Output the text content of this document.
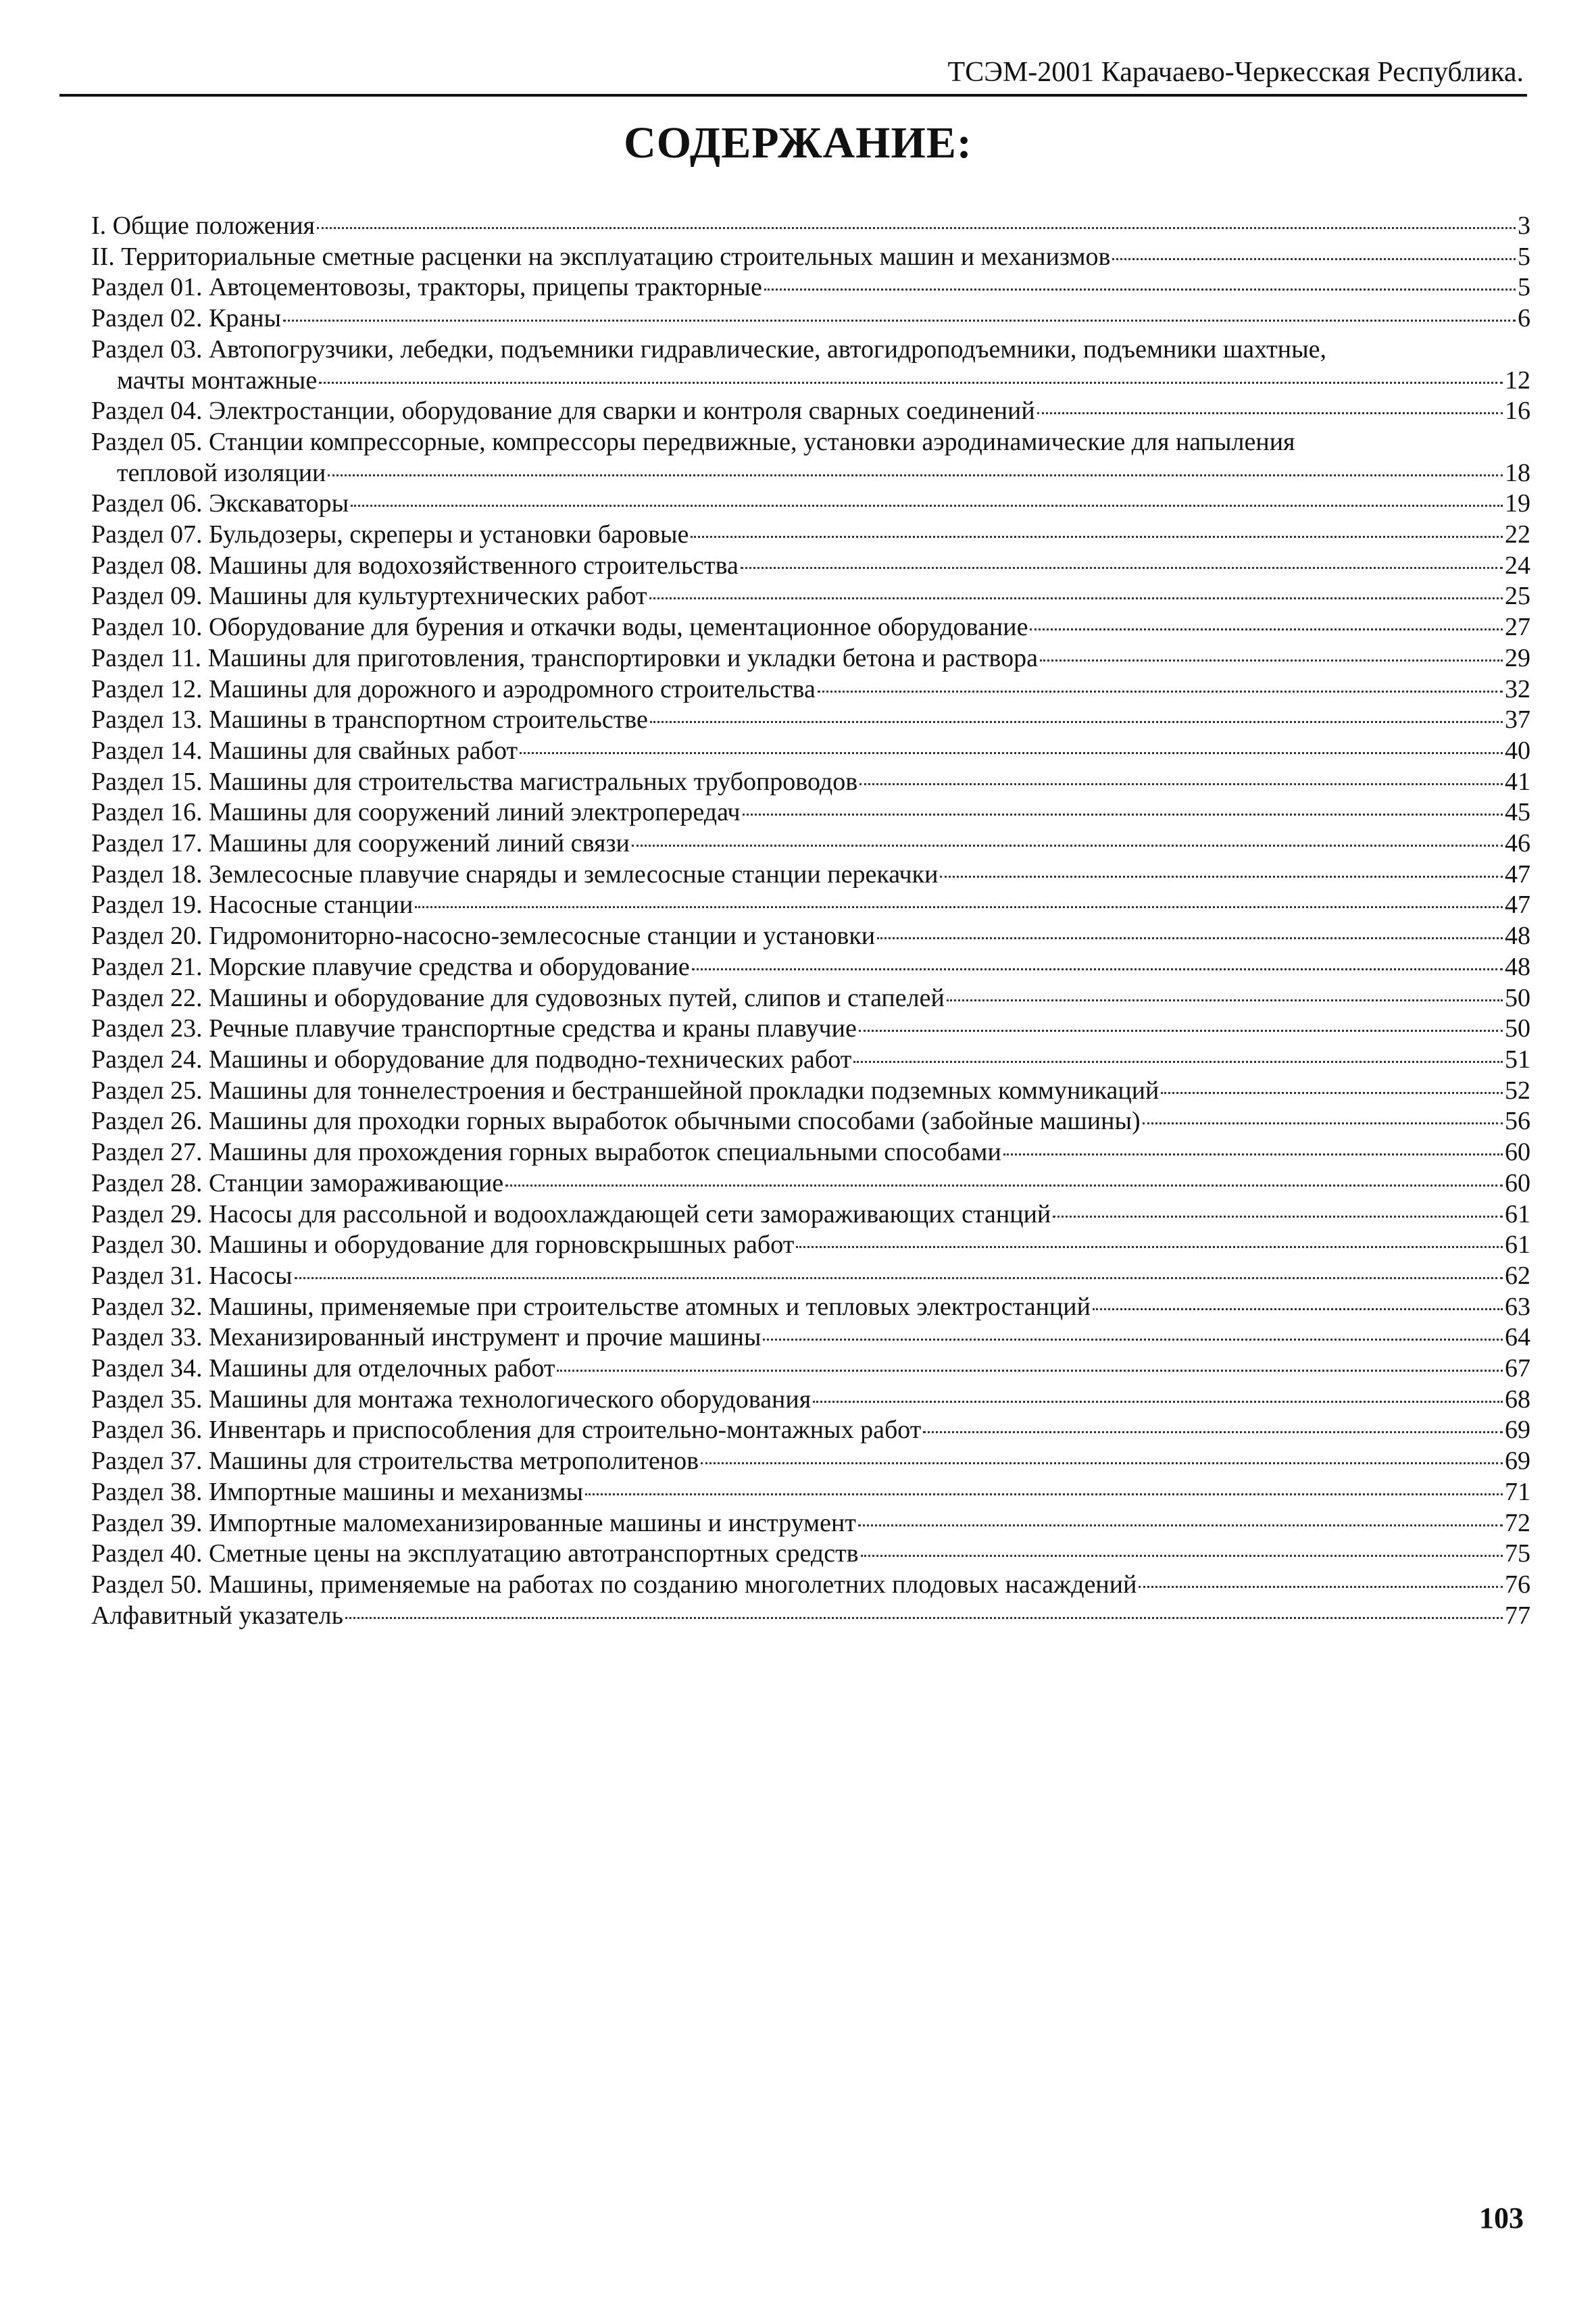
ТСЭМ-2001 Карачаево-Черкесская Республика.
СОДЕРЖАНИЕ:
I. Общие положения	3
II. Территориальные сметные расценки на эксплуатацию строительных машин и механизмов	5
Раздел 01. Автоцементовозы, тракторы, прицепы тракторные	5
Раздел 02. Краны	6
Раздел 03. Автопогрузчики, лебедки, подъемники гидравлические, автогидроподъемники, подъемники шахтные,
мачты монтажные	12
Раздел 04. Электростанции, оборудование для сварки и контроля сварных соединений	16
Раздел 05. Станции компрессорные, компрессоры передвижные, установки аэродинамические для напыления
тепловой изоляции	18
Раздел 06. Экскаваторы	19
Раздел 07. Бульдозеры, скреперы и установки баровые	22
Раздел 08. Машины для водохозяйственного строительства	24
Раздел 09. Машины для культуртехнических работ	25
Раздел 10. Оборудование для бурения и откачки воды, цементационное оборудование	27
Раздел 11. Машины для приготовления, транспортировки и укладки бетона и раствора	29
Раздел 12. Машины для дорожного и аэродромного строительства	32
Раздел 13. Машины в транспортном строительстве	37
Раздел 14. Машины для свайных работ	40
Раздел 15. Машины для строительства магистральных трубопроводов	41
Раздел 16. Машины для сооружений линий электропередач	45
Раздел 17. Машины для сооружений линий связи	46
Раздел 18. Землесосные плавучие снаряды и землесосные станции перекачки	47
Раздел 19. Насосные станции	47
Раздел 20. Гидромониторно-насосно-землесосные станции и установки	48
Раздел 21. Морские плавучие средства и оборудование	48
Раздел 22. Машины и оборудование для судовозных путей, слипов и стапелей	50
Раздел 23. Речные плавучие транспортные средства и краны плавучие	50
Раздел 24. Машины и оборудование для подводно-технических работ	51
Раздел 25. Машины для тоннелестроения и бестраншейной прокладки подземных коммуникаций	52
Раздел 26. Машины для проходки горных выработок обычными способами (забойные машины)	56
Раздел 27. Машины для прохождения горных выработок специальными способами	60
Раздел 28. Станции замораживающие	60
Раздел 29. Насосы для рассольной и водоохлаждающей сети замораживающих станций	61
Раздел 30. Машины и оборудование для горновскрышных работ	61
Раздел 31. Насосы	62
Раздел 32. Машины, применяемые при строительстве атомных и тепловых электростанций	63
Раздел 33. Механизированный инструмент и прочие машины	64
Раздел 34. Машины для отделочных работ	67
Раздел 35. Машины для монтажа технологического оборудования	68
Раздел 36. Инвентарь и приспособления для строительно-монтажных работ	69
Раздел 37. Машины для строительства метрополитенов	69
Раздел 38. Импортные машины и механизмы	71
Раздел 39. Импортные маломеханизированные машины и инструмент	72
Раздел 40. Сметные цены на эксплуатацию автотранспортных средств	75
Раздел 50. Машины, применяемые на работах по созданию многолетних плодовых насаждений	76
Алфавитный указатель	77
103
